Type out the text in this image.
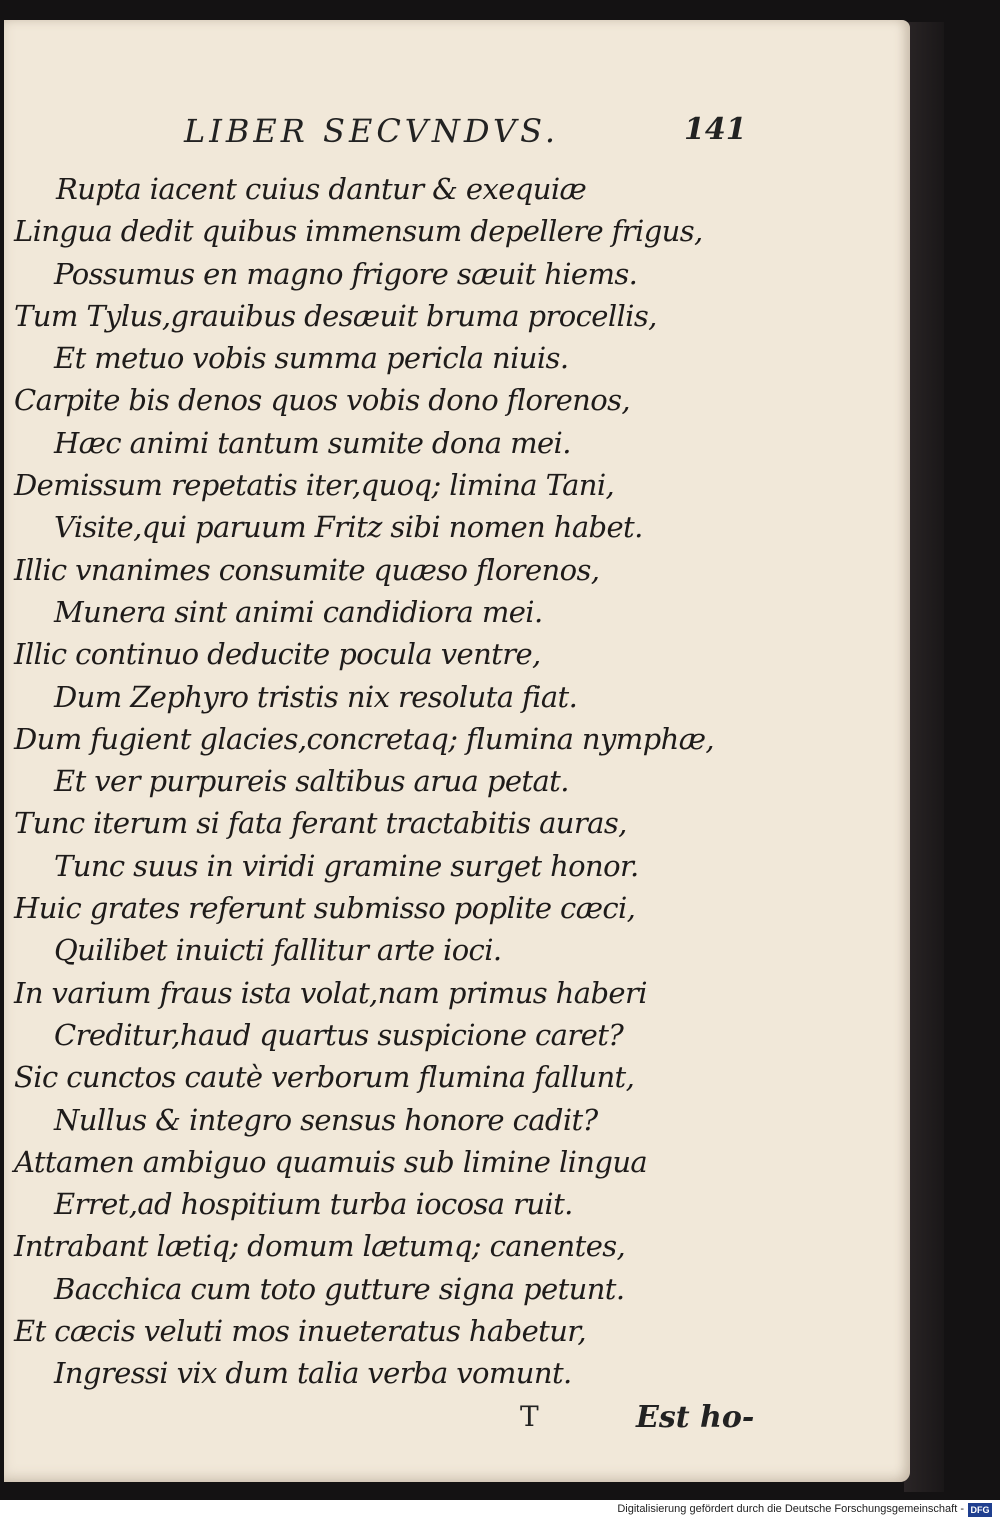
LIBER SECVNDVS.	141
Rupta iacent cuius dantur & exequiæ
Lingua dedit quibus immensum depellere frigus,
Possumus en magno frigore sæuit hiems.
Tum Tylus,grauibus desæuit bruma procellis,
Et metuo vobis summa pericla niuis.
Carpite bis denos quos vobis dono florenos,
Hæc animi tantum sumite dona mei.
Demissum repetatis iter,quoq; limina Tani,
Visite,qui paruum Fritz sibi nomen habet.
Illic vnanimes consumite quæso florenos,
Munera sint animi candidiora mei.
Illic continuo deducite pocula ventre,
Dum Zephyro tristis nix resoluta fiat.
Dum fugient glacies,concretaq; flumina nymphæ,
Et ver purpureis saltibus arua petat.
Tunc iterum si fata ferant tractabitis auras,
Tunc suus in viridi gramine surget honor.
Huic grates referunt submisso poplite cæci,
Quilibet inuicti fallitur arte ioci.
In varium fraus ista volat,nam primus haberi
Creditur,haud quartus suspicione caret?
Sic cunctos cautè verborum flumina fallunt,
Nullus & integro sensus honore cadit?
Attamen ambiguo quamuis sub limine lingua
Erret,ad hospitium turba iocosa ruit.
Intrabant lætiq; domum lætumq; canentes,
Bacchica cum toto gutture signa petunt.
Et cæcis veluti mos inueteratus habetur,
Ingressi vix dum talia verba vomunt.
T	Est ho-
Digitalisierung gefördert durch die Deutsche Forschungsgemeinschaft - DFG
